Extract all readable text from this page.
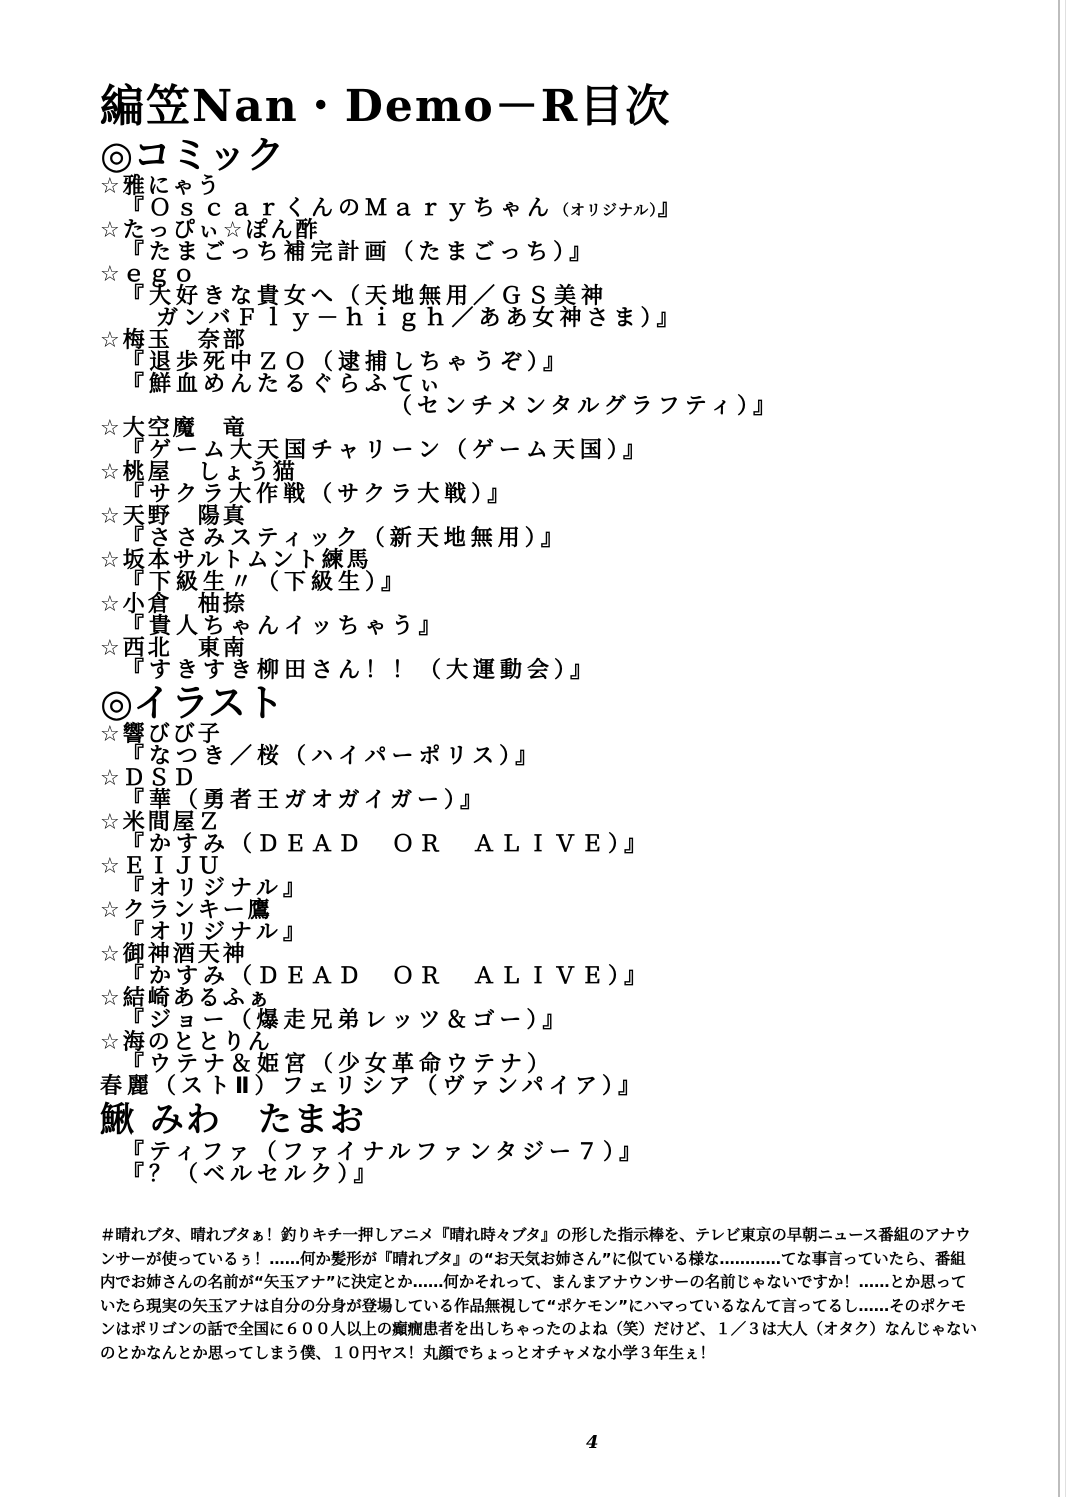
編笠Nan・Demo－R目次
◎コミック
☆雅にゃう
『ＯｓｃａｒくんのＭａｒｙちゃん（オリジナル）』
☆たっぴぃ☆ぽん酢
『たまごっち補完計画（たまごっち）』
☆ｅｇｏ
『大好きな貴女へ（天地無用／ＧＳ美神
ガンバＦｌｙ－ｈｉｇｈ／ああ女神さま）』
☆梅玉　奈部
『退歩死中ＺＯ（逮捕しちゃうぞ）』
『鮮血めんたるぐらふてぃ
（センチメンタルグラフティ）』
☆大空魔　竜
『ゲーム大天国チャリーン（ゲーム天国）』
☆桃屋　しょう猫
『サクラ大作戦（サクラ大戦）』
☆天野　陽真
『ささみスティック（新天地無用）』
☆坂本サルトムント練馬
『下級生〃（下級生）』
☆小倉　柚捺
『貴人ちゃんイッちゃう』
☆西北　東南
『すきすき柳田さん！！（大運動会）』
◎イラスト
☆響びび子
『なつき／桜（ハイパーポリス）』
☆ＤＳＤ
『華（勇者王ガオガイガー）』
☆米間屋Ｚ
『かすみ（ＤＥＡＤ　ＯＲ　ＡＬＩＶＥ）』
☆ＥＩＪＵ
『オリジナル』
☆クランキー鷹
『オリジナル』
☆御神酒天神
『かすみ（ＤＥＡＤ　ＯＲ　ＡＬＩＶＥ）』
☆結崎あるふぁ
『ジョー（爆走兄弟レッツ＆ゴー）』
☆海のととりん
『ウテナ＆姫宮（少女革命ウテナ）
春麗（ストⅡ）フェリシア（ヴァンパイア）』
鰍 みわ　たまお
『ティファ（ファイナルファンタジー７）』
『？（ベルセルク）』

＃晴れブタ、晴れブタぁ！釣りキチ一押しアニメ『晴れ時々ブタ』の形した指示棒を、テレビ東京の早朝ニュース番組のアナウンサーが使っているぅ！……何か髪形が『晴れブタ』の“お天気お姉さん”に似ている様な…………てな事言っていたら、番組内でお姉さんの名前が“矢玉アナ”に決定とか……何かそれって、まんまアナウンサーの名前じゃないですか！……とか思っていたら現実の矢玉アナは自分の分身が登場している作品無視して“ポケモン”にハマっているなんて言ってるし……そのポケモンはポリゴンの話で全国に６００人以上の癲癇患者を出しちゃったのよね（笑）だけど、１／３は大人（オタク）なんじゃないのとかなんとか思ってしまう僕、１０円ヤス！丸顔でちょっとオチャメな小学３年生ぇ！

4
